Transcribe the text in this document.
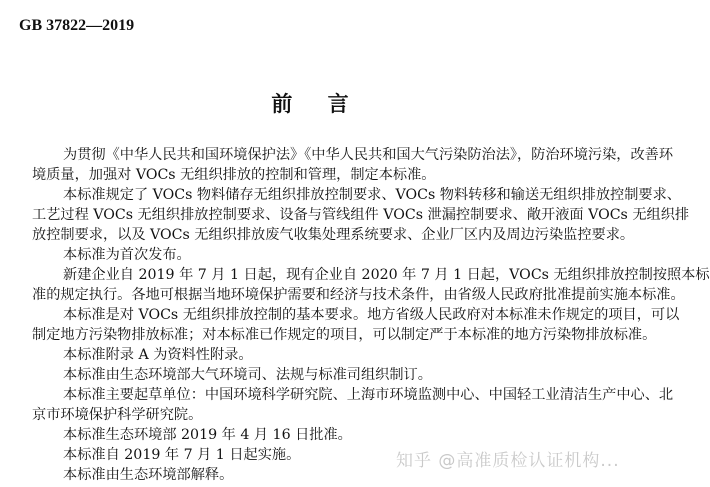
GB 37822—2019
前 言
为贯彻《中华人民共和国环境保护法》《中华人民共和国大气污染防治法》，防治环境污染，改善环
境质量，加强对 VOCs 无组织排放的控制和管理，制定本标准。
本标准规定了 VOCs 物料储存无组织排放控制要求、VOCs 物料转移和输送无组织排放控制要求、
工艺过程 VOCs 无组织排放控制要求、设备与管线组件 VOCs 泄漏控制要求、敞开液面 VOCs 无组织排
放控制要求，以及 VOCs 无组织排放废气收集处理系统要求、企业厂区内及周边污染监控要求。
本标准为首次发布。
新建企业自 2019 年 7 月 1 日起，现有企业自 2020 年 7 月 1 日起，VOCs 无组织排放控制按照本标
准的规定执行。各地可根据当地环境保护需要和经济与技术条件，由省级人民政府批准提前实施本标准。
本标准是对 VOCs 无组织排放控制的基本要求。地方省级人民政府对本标准未作规定的项目，可以
制定地方污染物排放标准；对本标准已作规定的项目，可以制定严于本标准的地方污染物排放标准。
本标准附录 A 为资料性附录。
本标准由生态环境部大气环境司、法规与标准司组织制订。
本标准主要起草单位：中国环境科学研究院、上海市环境监测中心、中国轻工业清洁生产中心、北
京市环境保护科学研究院。
本标准生态环境部 2019 年 4 月 16 日批准。
本标准自 2019 年 7 月 1 日起实施。
本标准由生态环境部解释。
知乎 @高准质检认证机构...
